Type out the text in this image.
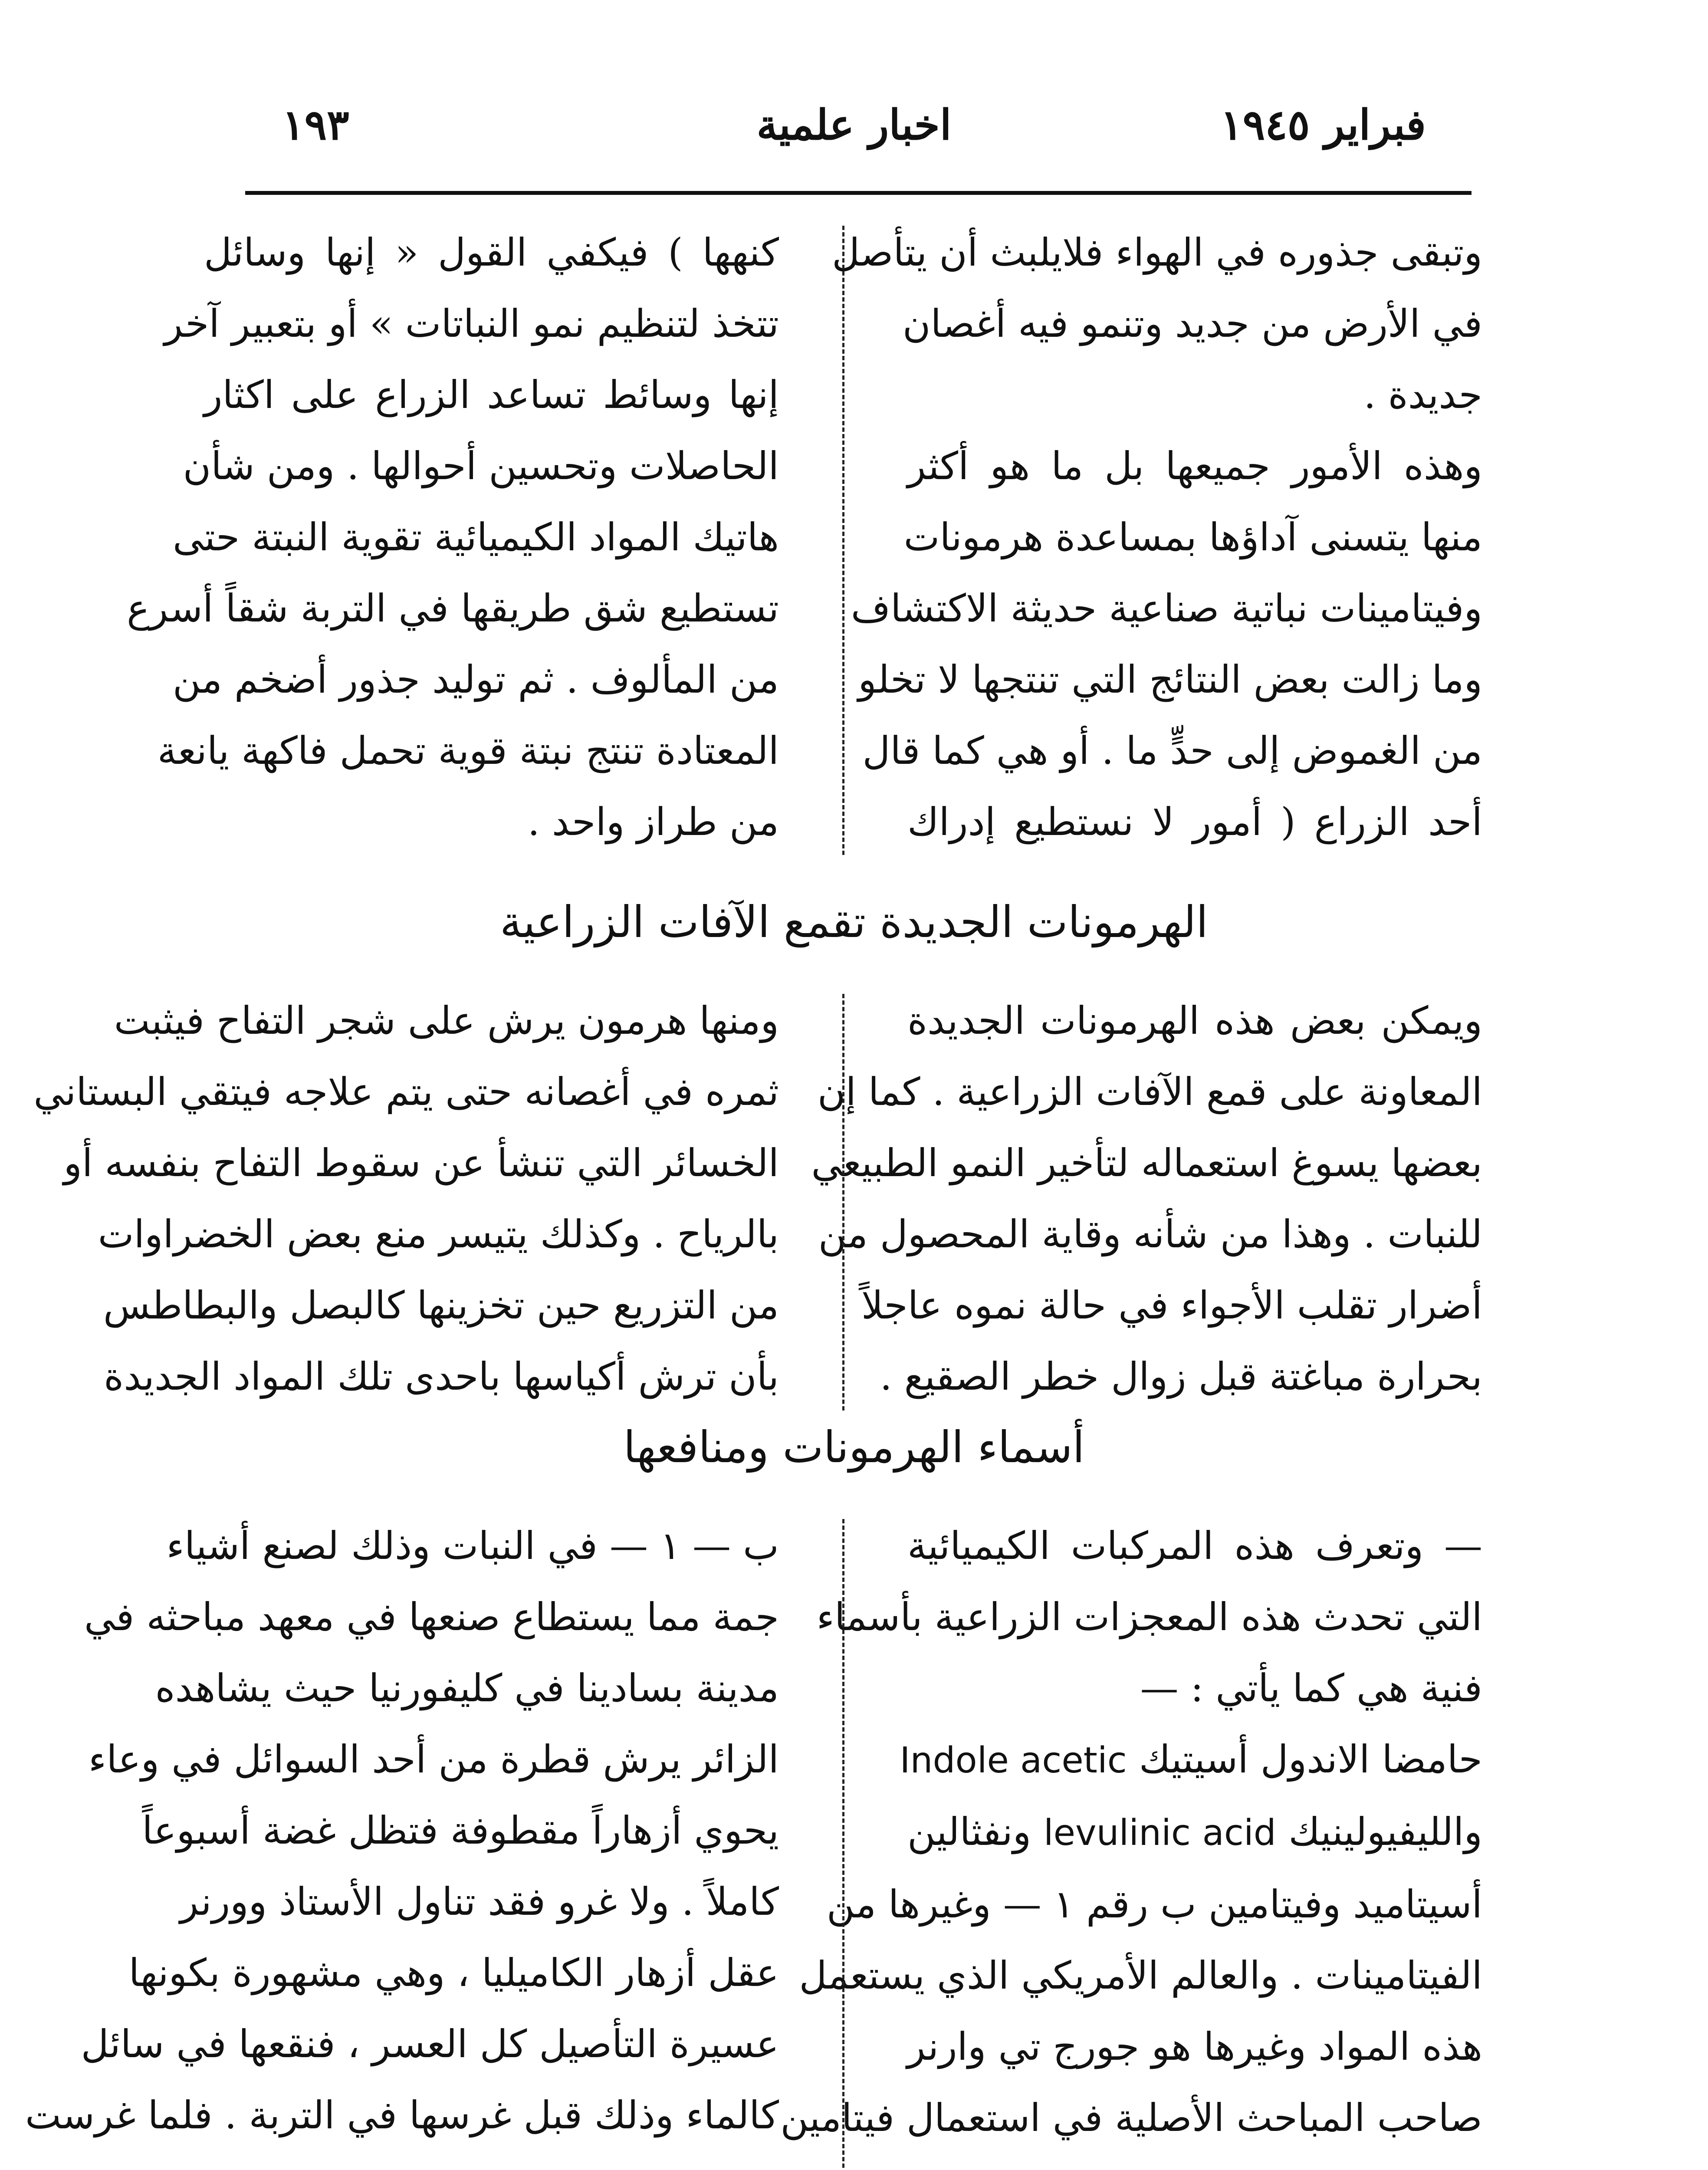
فبراير ١٩٤٥
اخبار علمية
١٩٣
وتبقى جذوره في الهواء فلايلبث أن يتأصل
في الأرض من جديد وتنمو فيه أغصان
جديدة .
وهذه الأمور جميعها بل ما هو أكثر
منها يتسنى آداؤها بمساعدة هرمونات
وفيتامينات نباتية صناعية حديثة الاكتشاف
وما زالت بعض النتائج التي تنتجها لا تخلو
من الغموض إلى حدٍّ ما . أو هي كما قال
أحد الزراع ( أمور لا نستطيع إدراك
كنهها ) فيكفي القول « إنها وسائل
تتخذ لتنظيم نمو النباتات » أو بتعبير آخر
إنها وسائط تساعد الزراع على اكثار
الحاصلات وتحسين أحوالها . ومن شأن
هاتيك المواد الكيميائية تقوية النبتة حتى
تستطيع شق طريقها في التربة شقاً أسرع
من المألوف . ثم توليد جذور أضخم من
المعتادة تنتج نبتة قوية تحمل فاكهة يانعة
من طراز واحد .
الهرمونات الجديدة تقمع الآفات الزراعية
ويمكن بعض هذه الهرمونات الجديدة
المعاونة على قمع الآفات الزراعية . كما إن
بعضها يسوغ استعماله لتأخير النمو الطبيعي
للنبات . وهذا من شأنه وقاية المحصول من
أضرار تقلب الأجواء في حالة نموه عاجلاً
بحرارة مباغتة قبل زوال خطر الصقيع .
ومنها هرمون يرش على شجر التفاح فيثبت
ثمره في أغصانه حتى يتم علاجه فيتقي البستاني
الخسائر التي تنشأ عن سقوط التفاح بنفسه أو
بالرياح . وكذلك يتيسر منع بعض الخضراوات
من التزريع حين تخزينها كالبصل والبطاطس
بأن ترش أكياسها باحدى تلك المواد الجديدة
أسماء الهرمونات ومنافعها
— وتعرف هذه المركبات الكيميائية
التي تحدث هذه المعجزات الزراعية بأسماء
فنية هي كما يأتي : —
حامضا الاندول أسيتيك Indole acetic
والليفيولينيك levulinic acid ونفثالين
أسيتاميد وفيتامين ب رقم ١ — وغيرها من
الفيتامينات . والعالم الأمريكي الذي يستعمل
هذه المواد وغيرها هو جورج تي وارنر
صاحب المباحث الأصلية في استعمال فيتامين
ب — ١ — في النبات وذلك لصنع أشياء
جمة مما يستطاع صنعها في معهد مباحثه في
مدينة بسادينا في كليفورنيا حيث يشاهده
الزائر يرش قطرة من أحد السوائل في وعاء
يحوي أزهاراً مقطوفة فتظل غضة أسبوعاً
كاملاً . ولا غرو فقد تناول الأستاذ وورنر
عقل أزهار الكاميليا ، وهي مشهورة بكونها
عسيرة التأصيل كل العسر ، فنقعها في سائل
كالماء وذلك قبل غرسها في التربة . فلما غرست
